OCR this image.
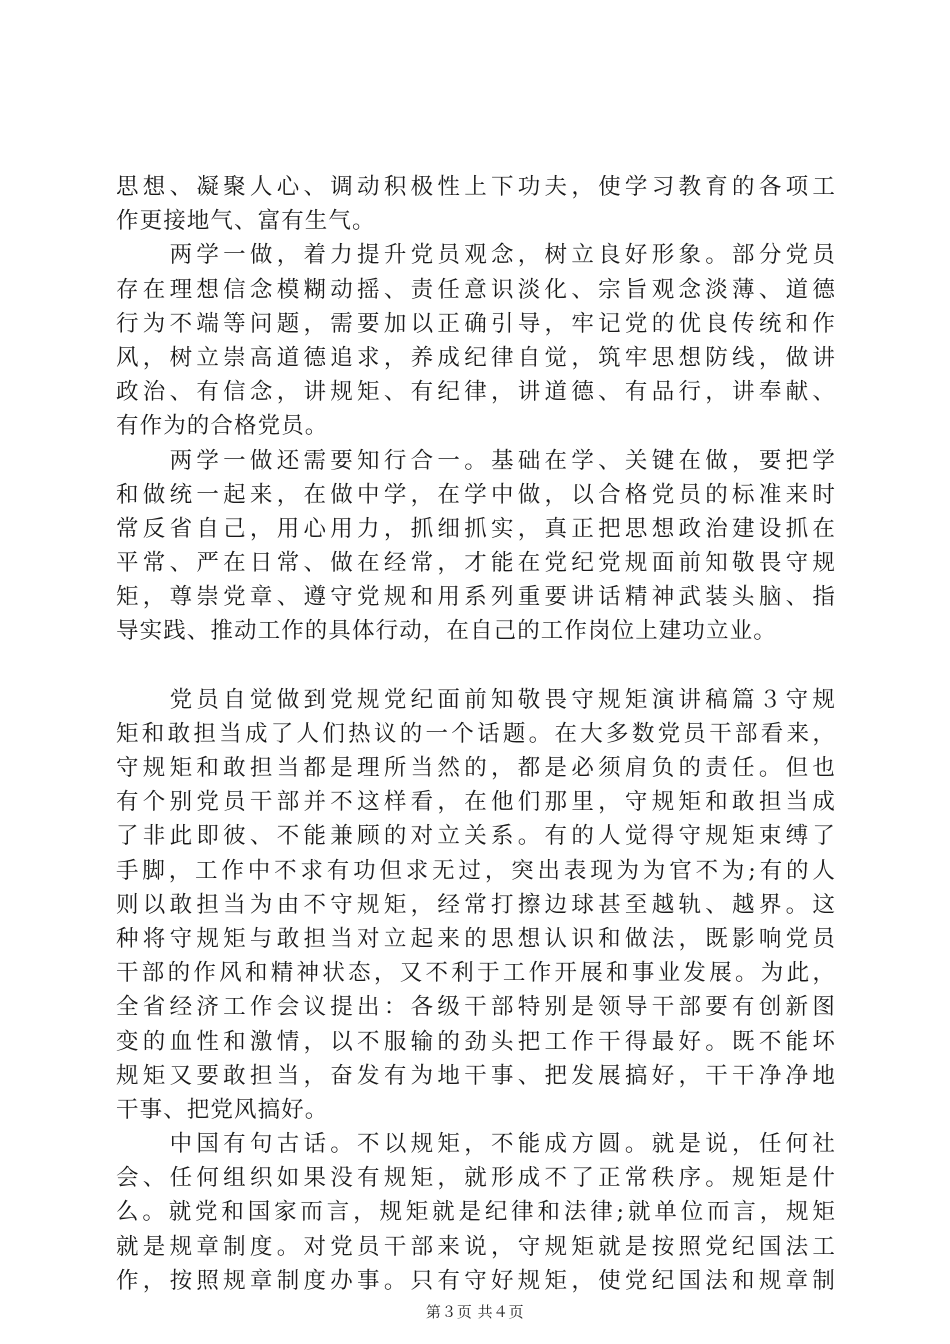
思想、凝聚人心、调动积极性上下功夫，使学习教育的各项工
作更接地气、富有生气。
　　两学一做，着力提升党员观念，树立良好形象。部分党员
存在理想信念模糊动摇、责任意识淡化、宗旨观念淡薄、道德
行为不端等问题，需要加以正确引导，牢记党的优良传统和作
风，树立崇高道德追求，养成纪律自觉，筑牢思想防线，做讲
政治、有信念，讲规矩、有纪律，讲道德、有品行，讲奉献、
有作为的合格党员。
　　两学一做还需要知行合一。基础在学、关键在做，要把学
和做统一起来，在做中学，在学中做，以合格党员的标准来时
常反省自己，用心用力，抓细抓实，真正把思想政治建设抓在
平常、严在日常、做在经常，才能在党纪党规面前知敬畏守规
矩，尊崇党章、遵守党规和用系列重要讲话精神武装头脑、指
导实践、推动工作的具体行动，在自己的工作岗位上建功立业。
　　党员自觉做到党规党纪面前知敬畏守规矩演讲稿篇３守规
矩和敢担当成了人们热议的一个话题。在大多数党员干部看来，
守规矩和敢担当都是理所当然的，都是必须肩负的责任。但也
有个别党员干部并不这样看，在他们那里，守规矩和敢担当成
了非此即彼、不能兼顾的对立关系。有的人觉得守规矩束缚了
手脚，工作中不求有功但求无过，突出表现为为官不为;有的人
则以敢担当为由不守规矩，经常打擦边球甚至越轨、越界。这
种将守规矩与敢担当对立起来的思想认识和做法，既影响党员
干部的作风和精神状态，又不利于工作开展和事业发展。为此，
全省经济工作会议提出：各级干部特别是领导干部要有创新图
变的血性和激情，以不服输的劲头把工作干得最好。既不能坏
规矩又要敢担当，奋发有为地干事、把发展搞好，干干净净地
干事、把党风搞好。
　　中国有句古话。不以规矩，不能成方圆。就是说，任何社
会、任何组织如果没有规矩，就形成不了正常秩序。规矩是什
么。就党和国家而言，规矩就是纪律和法律;就单位而言，规矩
就是规章制度。对党员干部来说，守规矩就是按照党纪国法工
作，按照规章制度办事。只有守好规矩，使党纪国法和规章制
第３页 共４页
